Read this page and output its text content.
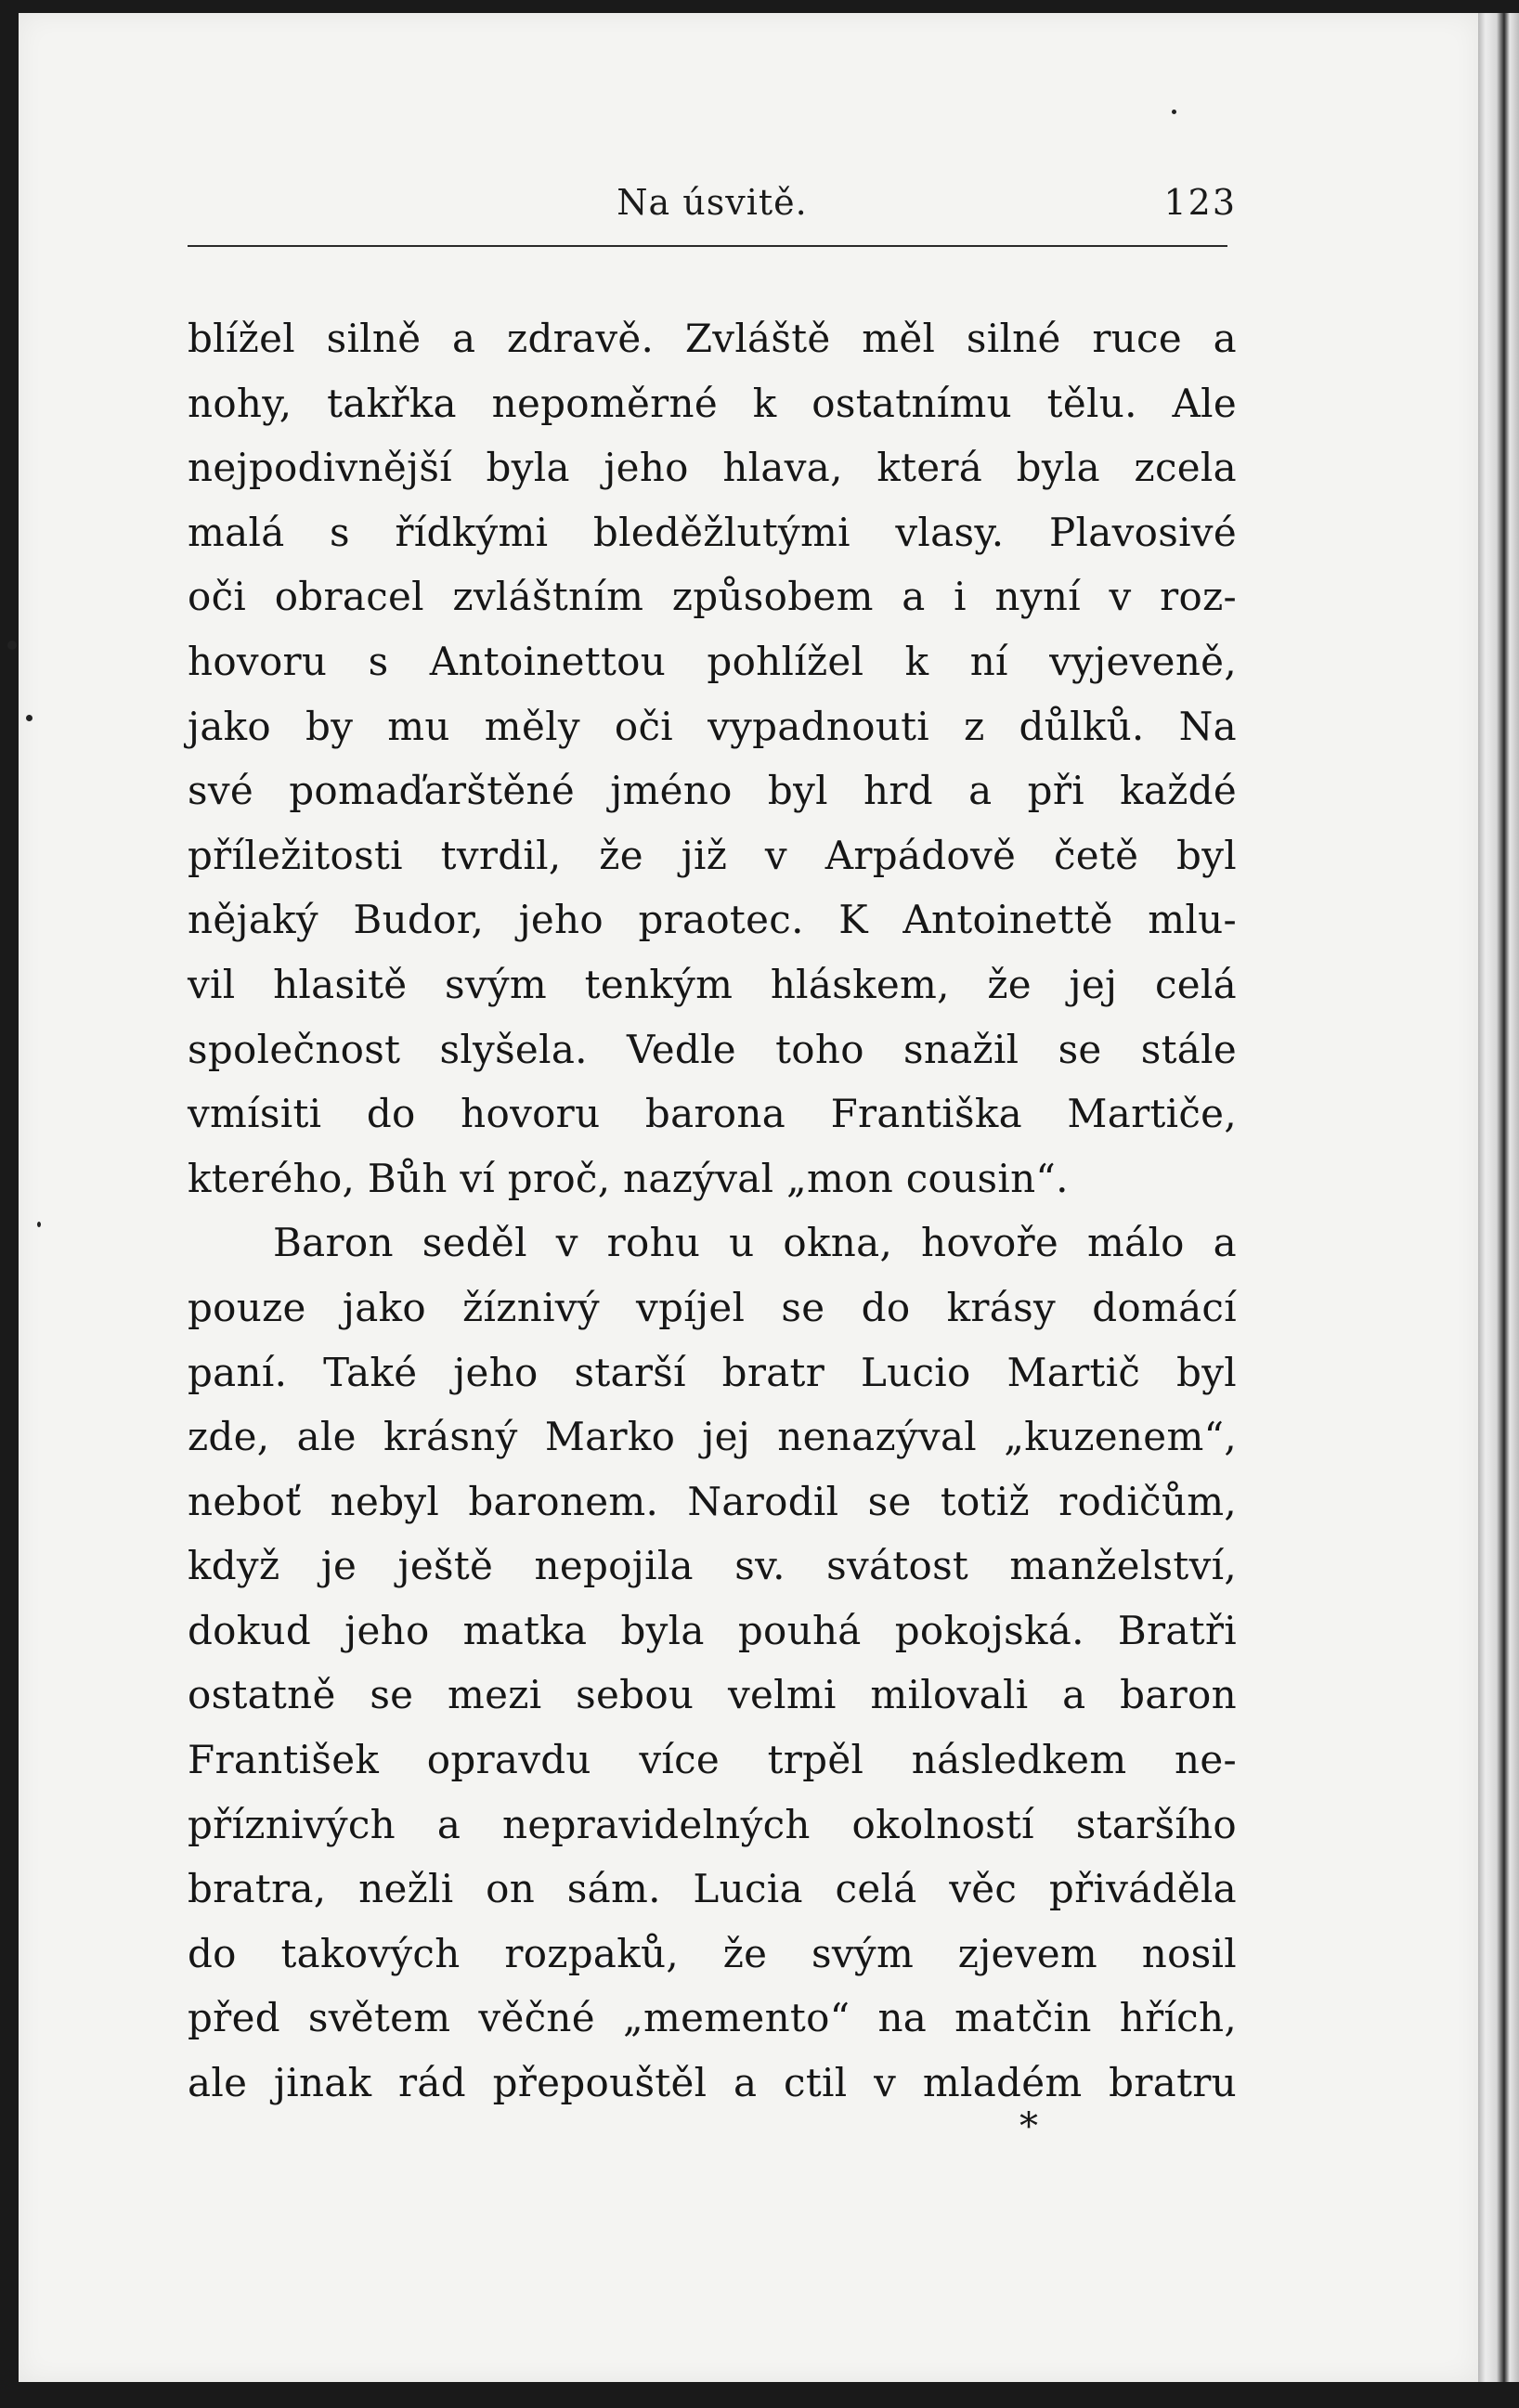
Na úsvitě.	123
blížel silně a zdravě. Zvláště měl silné ruce a
nohy, takřka nepoměrné k ostatnímu tělu. Ale
nejpodivnější byla jeho hlava, která byla zcela
malá s řídkými bleděžlutými vlasy. Plavosivé
oči obracel zvláštním způsobem a i nyní v roz-
hovoru s Antoinettou pohlížel k ní vyjeveně,
jako by mu měly oči vypadnouti z důlků. Na
své pomaďarštěné jméno byl hrd a při každé
příležitosti tvrdil, že již v Arpádově četě byl
nějaký Budor, jeho praotec. K Antoinettě mlu-
vil hlasitě svým tenkým hláskem, že jej celá
společnost slyšela. Vedle toho snažil se stále
vmísiti do hovoru barona Františka Martiče,
kterého, Bůh ví proč, nazýval „mon cousin“.
Baron seděl v rohu u okna, hovoře málo a
pouze jako žíznivý vpíjel se do krásy domácí
paní. Také jeho starší bratr Lucio Martič byl
zde, ale krásný Marko jej nenazýval „kuzenem“,
neboť nebyl baronem. Narodil se totiž rodičům,
když je ještě nepojila sv. svátost manželství,
dokud jeho matka byla pouhá pokojská. Bratři
ostatně se mezi sebou velmi milovali a baron
František opravdu více trpěl následkem ne-
příznivých a nepravidelných okolností staršího
bratra, nežli on sám. Lucia celá věc přiváděla
do takových rozpaků, že svým zjevem nosil
před světem věčné „memento“ na matčin hřích,
ale jinak rád přepouštěl a ctil v mladém bratru
*
